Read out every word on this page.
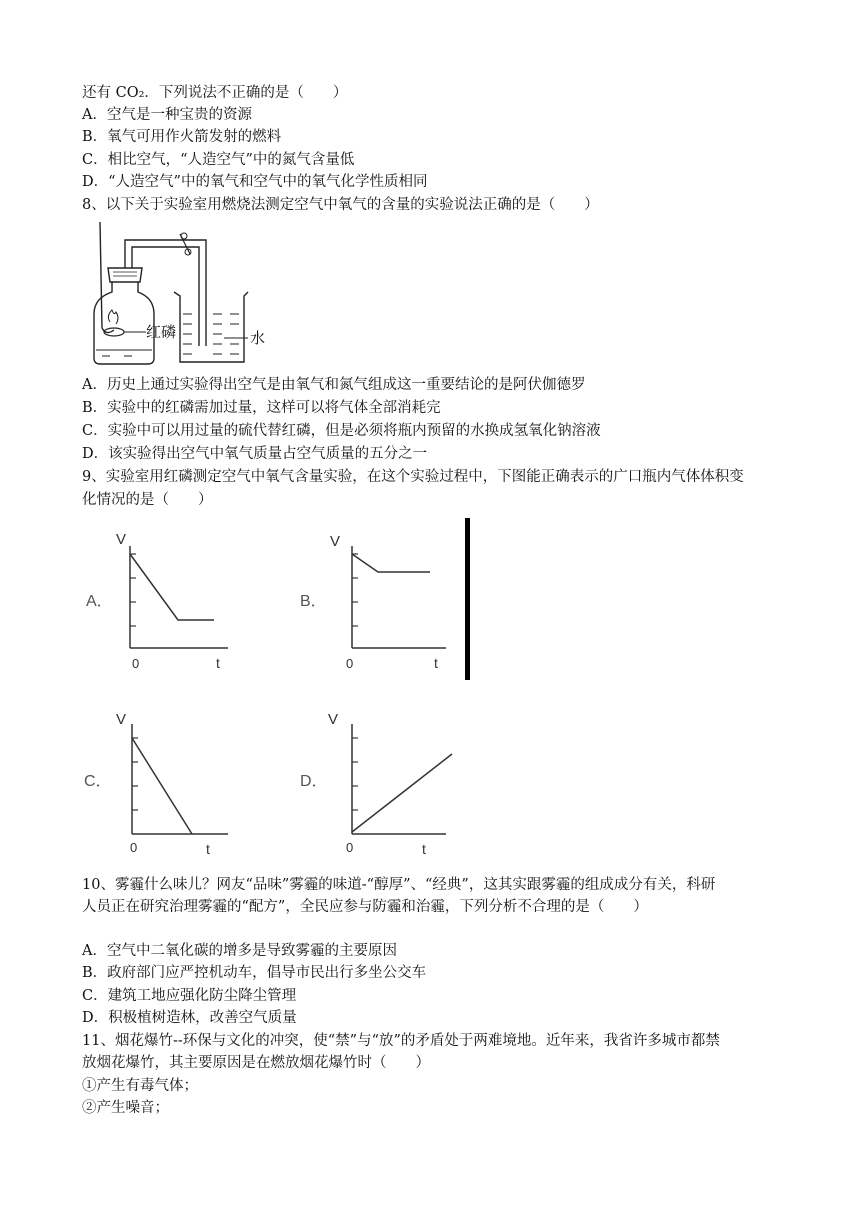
还有 CO₂．下列说法不正确的是（　　）
A．空气是一种宝贵的资源
B．氧气可用作火箭发射的燃料
C．相比空气，“人造空气”中的氮气含量低
D．“人造空气”中的氧气和空气中的氧气化学性质相同
8、以下关于实验室用燃烧法测定空气中氧气的含量的实验说法正确的是（　　）
红磷	水
A．历史上通过实验得出空气是由氧气和氮气组成这一重要结论的是阿伏伽德罗
B．实验中的红磷需加过量，这样可以将气体全部消耗完
C．实验中可以用过量的硫代替红磷，但是必须将瓶内预留的水换成氢氧化钠溶液
D．该实验得出空气中氧气质量占空气质量的五分之一
9、实验室用红磷测定空气中氧气含量实验，在这个实验过程中，下图能正确表示的广口瓶内气体体积变
化情况的是（　　）
A．
V
0	t
B．
V
0	t
C．
V
0	t
D．
V
0	t
10、雾霾什么味儿？网友“品味”雾霾的味道-“醇厚”、“经典”，这其实跟雾霾的组成成分有关，科研
人员正在研究治理雾霾的“配方”，全民应参与防霾和治霾，下列分析不合理的是（　　）
A．空气中二氧化碳的增多是导致雾霾的主要原因
B．政府部门应严控机动车，倡导市民出行多坐公交车
C．建筑工地应强化防尘降尘管理
D．积极植树造林，改善空气质量
11、烟花爆竹--环保与文化的冲突，使“禁”与“放”的矛盾处于两难境地。近年来，我省许多城市都禁
放烟花爆竹，其主要原因是在燃放烟花爆竹时（　　）
①产生有毒气体；
②产生噪音；
